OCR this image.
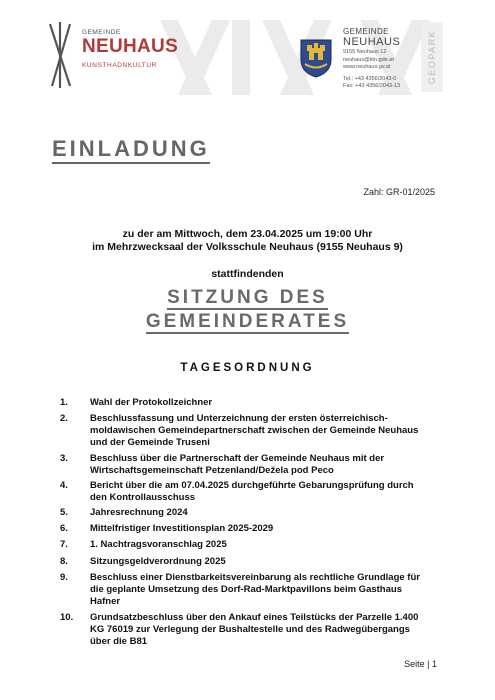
GEMEINDE
NEUHAUS
KUNSTHADNKULTUR
GEMEINDE
NEUHAUS
9155 Neuhaus 12
neuhaus@ktn.gde.at
www.neuhaus.gv.at
Tel.: +43 4356/2043-0
Fax: +43 4356/2043-13
GEOPARK
EINLADUNG
Zahl: GR-01/2025
zu der am Mittwoch, dem 23.04.2025 um 19:00 Uhr
im Mehrzwecksaal der Volksschule Neuhaus (9155 Neuhaus 9)
stattfindenden
SITZUNG DES
GEMEINDERATES
TAGESORDNUNG
1.	Wahl der Protokollzeichner
2.	Beschlussfassung und Unterzeichnung der ersten österreichisch-moldawischen Gemeindepartnerschaft zwischen der Gemeinde Neuhaus und der Gemeinde Truseni
3.	Beschluss über die Partnerschaft der Gemeinde Neuhaus mit der Wirtschaftsgemeinschaft Petzenland/Dežela pod Peco
4.	Bericht über die am 07.04.2025 durchgeführte Gebarungsprüfung durch den Kontrollausschuss
5.	Jahresrechnung 2024
6.	Mittelfristiger Investitionsplan 2025-2029
7.	1. Nachtragsvoranschlag 2025
8.	Sitzungsgeldverordnung 2025
9.	Beschluss einer Dienstbarkeitsvereinbarung als rechtliche Grundlage für die geplante Umsetzung des Dorf-Rad-Marktpavillons beim Gasthaus Hafner
10.	Grundsatzbeschluss über den Ankauf eines Teilstücks der Parzelle 1.400 KG 76019 zur Verlegung der Bushaltestelle und des Radwegübergangs über die B81
Seite | 1
